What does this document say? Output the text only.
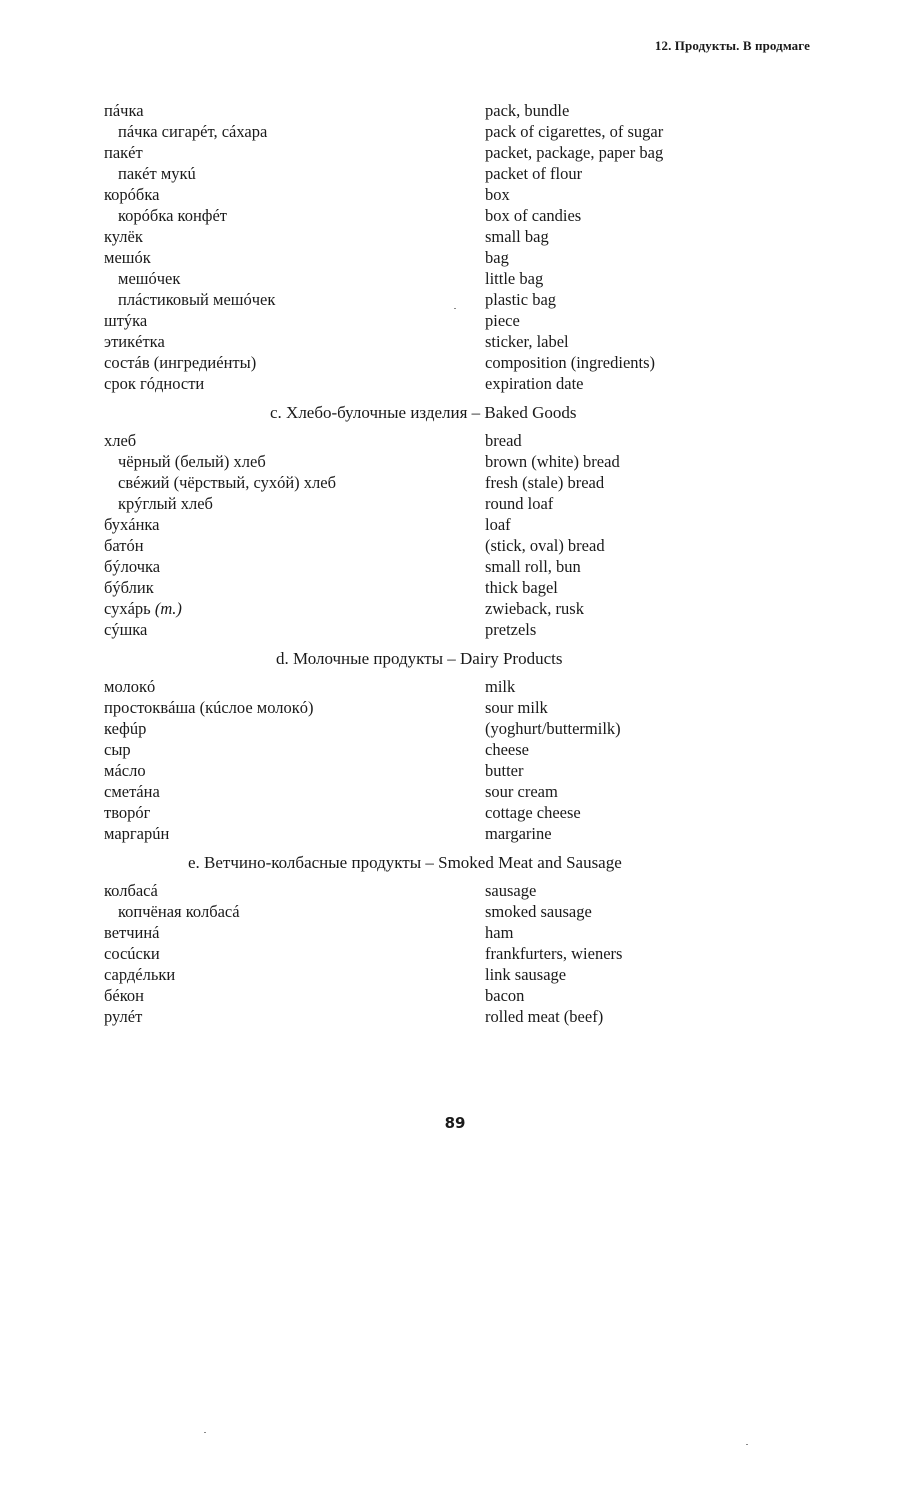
12. Продукты. В продмаге
пáчка	pack, bundle
пáчка сигарéт, сáхара	pack of cigarettes, of sugar
пакéт	packet, package, paper bag
пакéт мукú	packet of flour
корóбка	box
корóбка конфéт	box of candies
кулёк	small bag
мешóк	bag
мешóчек	little bag
плáстиковый мешóчек	plastic bag
штýка	piece
этикéтка	sticker, label
состáв (ингредиéнты)	composition (ingredients)
срок гóдности	expiration date
c. Хлебо-булочные изделия – Baked Goods
хлеб	bread
чёрный (белый) хлеб	brown (white) bread
свéжий (чёрствый, сухóй) хлеб	fresh (stale) bread
крýглый хлеб	round loaf
бухáнка	loaf
батóн	(stick, oval) bread
бýлочка	small roll, bun
бýблик	thick bagel
сухáрь (m.)	zwieback, rusk
сýшка	pretzels
d. Молочные продукты – Dairy Products
молокó	milk
простоквáша (кúслое молокó)	sour milk
кефúр	(yoghurt/buttermilk)
сыр	cheese
мáсло	butter
сметáна	sour cream
творóг	cottage cheese
маргарúн	margarine
e. Ветчино-колбасные продукты – Smoked Meat and Sausage
колбасá	sausage
копчёная колбасá	smoked sausage
ветчинá	ham
сосúски	frankfurters, wieners
сардéльки	link sausage
бéкон	bacon
рулéт	rolled meat (beef)
89
